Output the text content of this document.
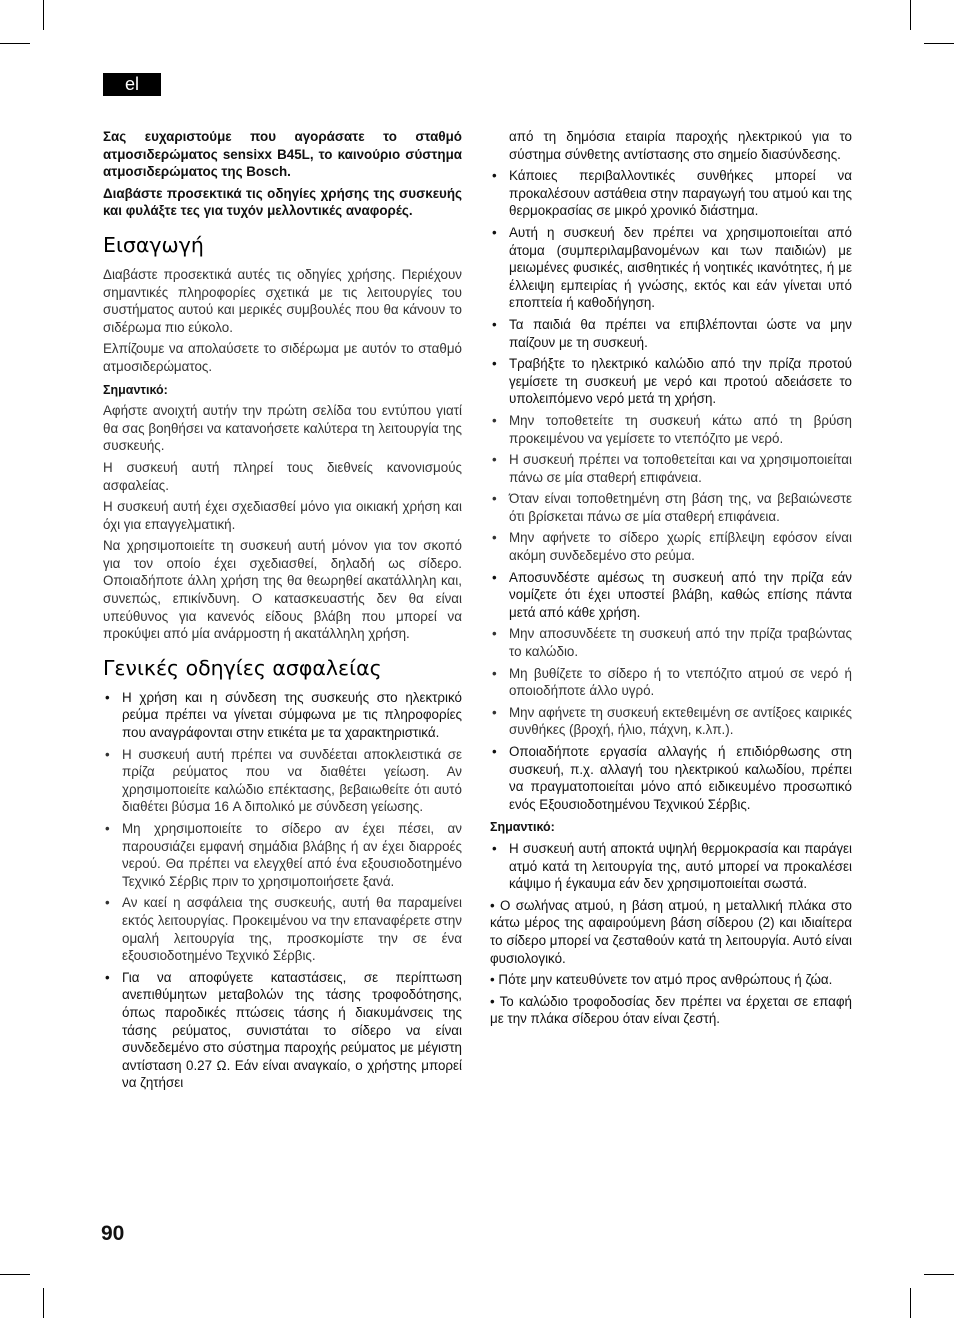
el

Σας ευχαριστούμε που αγοράσατε το σταθμό ατμοσιδερώματος sensixx B45L, το καινούριο σύστημα ατμοσιδερώματος της Bosch.

Διαβάστε προσεκτικά τις οδηγίες χρήσης της συσκευής και φυλάξτε τες για τυχόν μελλοντικές αναφορές.

Εισαγωγή

Διαβάστε προσεκτικά αυτές τις οδηγίες χρήσης. Περιέχουν σημαντικές πληροφορίες σχετικά με τις λειτουργίες του συστήματος αυτού και μερικές συμβουλές που θα κάνουν το σιδέρωμα πιο εύκολο.

Ελπίζουμε να απολαύσετε το σιδέρωμα με αυτόν το σταθμό ατμοσιδερώματος.

Σημαντικό:

Αφήστε ανοιχτή αυτήν την πρώτη σελίδα του εντύπου γιατί θα σας βοηθήσει να κατανοήσετε καλύτερα τη λειτουργία της συσκευής.

Η συσκευή αυτή πληρεί τους διεθνείς κανονισμούς ασφαλείας.

Η συσκευή αυτή έχει σχεδιασθεί μόνο για οικιακή χρήση και όχι για επαγγελματική.

Να χρησιμοποιείτε τη συσκευή αυτή μόνον για τον σκοπό για τον οποίο έχει σχεδιασθεί, δηλαδή ως σίδερο. Οποιαδήποτε άλλη χρήση της θα θεωρηθεί ακατάλληλη και, συνεπώς, επικίνδυνη. Ο κατασκευαστής δεν θα είναι υπεύθυνος για κανενός είδους βλάβη που μπορεί να προκύψει από μία ανάρμοστη ή ακατάλληλη χρήση.

Γενικές οδηγίες ασφαλείας
• Η χρήση και η σύνδεση της συσκευής στο ηλεκτρικό ρεύμα πρέπει να γίνεται σύμφωνα με τις πληροφορίες που αναγράφονται στην ετικέτα με τα χαρακτηριστικά.
• Η συσκευή αυτή πρέπει να συνδέεται αποκλειστικά σε πρίζα ρεύματος που να διαθέτει γείωση. Αν χρησιμοποιείτε καλώδιο επέκτασης, βεβαιωθείτε ότι αυτό διαθέτει βύσμα 16 A διπολικό με σύνδεση γείωσης.
• Μη χρησιμοποιείτε το σίδερο αν έχει πέσει, αν παρουσιάζει εμφανή σημάδια βλάβης ή αν έχει διαρροές νερού. Θα πρέπει να ελεγχθεί από ένα εξουσιοδοτημένο Τεχνικό Σέρβις πριν το χρησιμοποιήσετε ξανά.
• Αν καεί η ασφάλεια της συσκευής, αυτή θα παραμείνει εκτός λειτουργίας. Προκειμένου να την επαναφέρετε στην ομαλή λειτουργία της, προσκομίστε την σε ένα εξουσιοδοτημένο Τεχνικό Σέρβις.
• Για να αποφύγετε καταστάσεις, σε περίπτωση ανεπιθύμητων μεταβολών της τάσης τροφοδότησης, όπως παροδικές πτώσεις τάσης ή διακυμάνσεις της τάσης ρεύματος, συνιστάται το σίδερο να είναι συνδεδεμένο στο σύστημα παροχής ρεύματος με μέγιστη αντίσταση 0.27 Ω. Εάν είναι αναγκαίο, ο χρήστης μπορεί να ζητήσει

από τη δημόσια εταιρία παροχής ηλεκτρικού για το σύστημα σύνθετης αντίστασης στο σημείο διασύνδεσης.

• Κάποιες περιβαλλοντικές συνθήκες μπορεί να προκαλέσουν αστάθεια στην παραγωγή του ατμού και της θερμοκρασίας σε μικρό χρονικό διάστημα.
• Αυτή η συσκευή δεν πρέπει να χρησιμοποιείται από άτομα (συμπεριλαμβανομένων και των παιδιών) με μειωμένες φυσικές, αισθητικές ή νοητικές ικανότητες, ή με έλλειψη εμπειρίας ή γνώσης, εκτός και εάν γίνεται υπό εποπτεία ή καθοδήγηση.
• Τα παιδιά θα πρέπει να επιβλέπονται ώστε να μην παίζουν με τη συσκευή.
• Τραβήξτε το ηλεκτρικό καλώδιο από την πρίζα προτού γεμίσετε τη συσκευή με νερό και προτού αδειάσετε το υπολειπόμενο νερό μετά τη χρήση.
• Μην τοποθετείτε τη συσκευή κάτω από τη βρύση προκειμένου να γεμίσετε το ντεπόζιτο με νερό.
• Η συσκευή πρέπει να τοποθετείται και να χρησιμοποιείται πάνω σε μία σταθερή επιφάνεια.
• Όταν είναι τοποθετημένη στη βάση της, να βεβαιώνεστε ότι βρίσκεται πάνω σε μία σταθερή επιφάνεια.
• Μην αφήνετε το σίδερο χωρίς επίβλεψη εφόσον είναι ακόμη συνδεδεμένο στο ρεύμα.
• Αποσυνδέστε αμέσως τη συσκευή από την πρίζα εάν νομίζετε ότι έχει υποστεί βλάβη, καθώς επίσης πάντα μετά από κάθε χρήση.
• Μην αποσυνδέετε τη συσκευή από την πρίζα τραβώντας το καλώδιο.
• Μη βυθίζετε το σίδερο ή το ντεπόζιτο ατμού σε νερό ή οποιοδήποτε άλλο υγρό.
• Μην αφήνετε τη συσκευή εκτεθειμένη σε αντίξοες καιρικές συνθήκες (βροχή, ήλιο, πάχνη, κ.λπ.).
• Οποιαδήποτε εργασία αλλαγής ή επιδιόρθωσης στη συσκευή, π.χ. αλλαγή του ηλεκτρικού καλωδίου, πρέπει να πραγματοποιείται μόνο από ειδικευμένο προσωπικό ενός Εξουσιοδοτημένου Τεχνικού Σέρβις.
Σημαντικό:
• Η συσκευή αυτή αποκτά υψηλή θερμοκρασία και παράγει ατμό κατά τη λειτουργία της, αυτό μπορεί να προκαλέσει κάψιμο ή έγκαυμα εάν δεν χρησιμοποιείται σωστά.
• Ο σωλήνας ατμού, η βάση ατμού, η μεταλλική πλάκα στο κάτω μέρος της αφαιρούμενη βάση σίδερου (2) και ιδιαίτερα το σίδερο μπορεί να ζεσταθούν κατά τη λειτουργία. Αυτό είναι φυσιολογικό.
• Πότε μην κατευθύνετε τον ατμό προς ανθρώπους ή ζώα.
• Το καλώδιο τροφοδοσίας δεν πρέπει να έρχεται σε επαφή με την πλάκα σίδερου όταν είναι ζεστή.
90
